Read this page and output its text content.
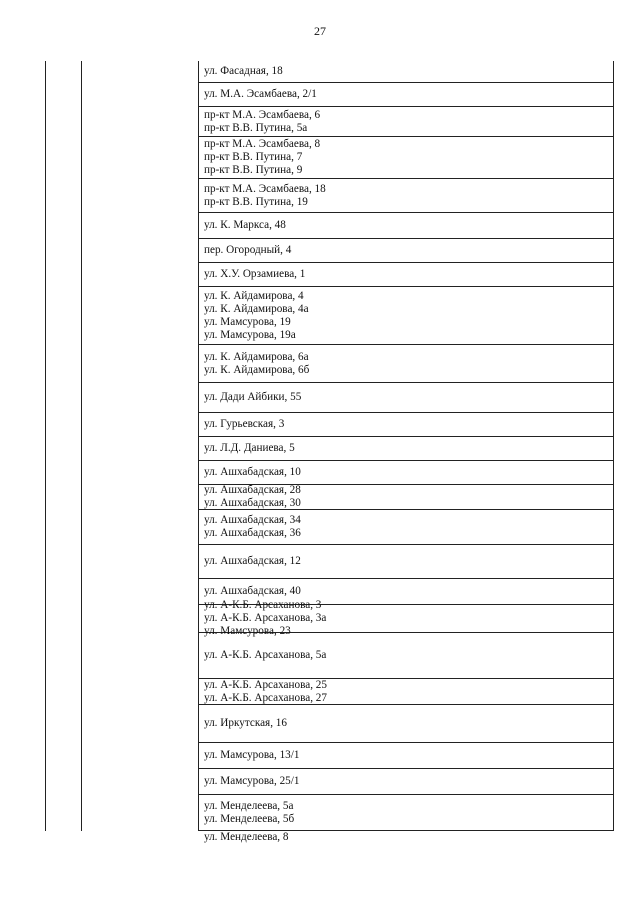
27
ул. Фасадная, 18
ул. М.А. Эсамбаева, 2/1
пр-кт М.А. Эсамбаева, 6
пр-кт В.В. Путина, 5а
пр-кт М.А. Эсамбаева, 8
пр-кт В.В. Путина, 7
пр-кт В.В. Путина, 9
пр-кт М.А. Эсамбаева, 18
пр-кт В.В. Путина, 19
ул. К. Маркса, 48
пер. Огородный, 4
ул. Х.У. Орзамиева, 1
ул. К. Айдамирова, 4
ул. К. Айдамирова, 4а
ул. Мамсурова, 19
ул. Мамсурова, 19а
ул. К. Айдамирова, 6а
ул. К. Айдамирова, 6б
ул. Дади Айбики, 55
ул. Гурьевская, 3
ул. Л.Д. Даниева, 5
ул. Ашхабадская, 10
ул. Ашхабадская, 28
ул. Ашхабадская, 30
ул. Ашхабадская, 34
ул. Ашхабадская, 36
ул. Ашхабадская, 12
ул. Ашхабадская, 40
ул. А-К.Б. Арсаханова, 3
ул. А-К.Б. Арсаханова, 3а
ул. Мамсурова, 23
ул. А-К.Б. Арсаханова, 5а
ул. А-К.Б. Арсаханова, 25
ул. А-К.Б. Арсаханова, 27
ул. Иркутская, 16
ул. Мамсурова, 13/1
ул. Мамсурова, 25/1
ул. Менделеева, 5а
ул. Менделеева, 5б
ул. Менделеева, 8
